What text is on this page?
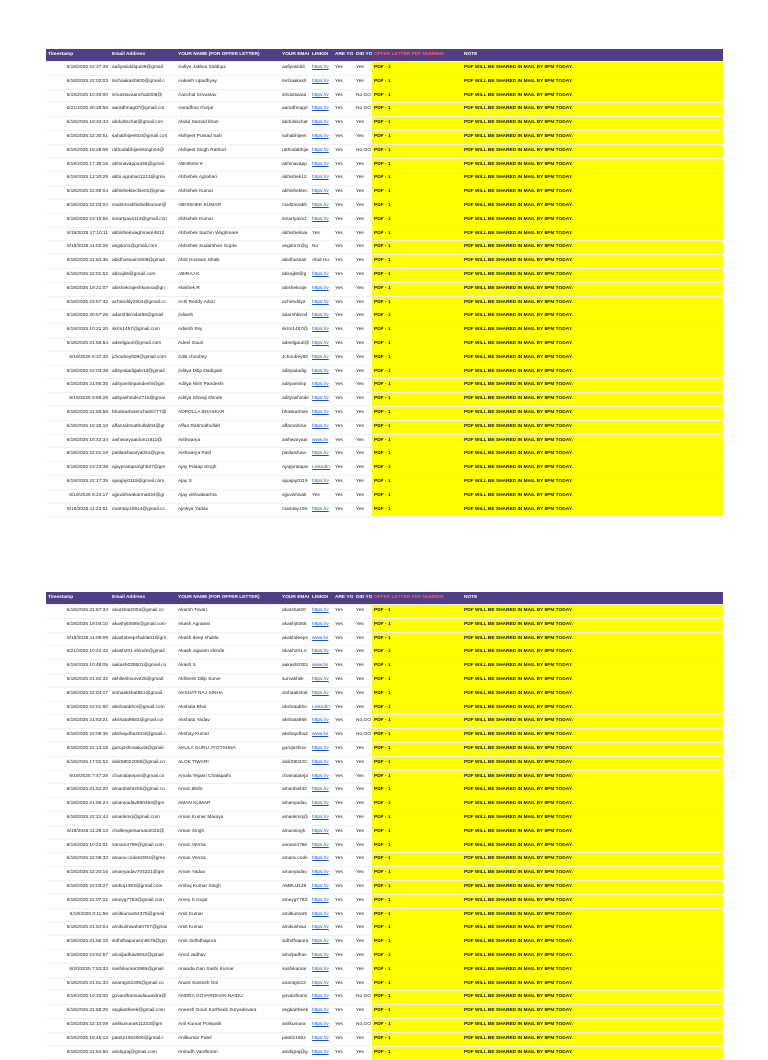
Timestamp	Email Address	YOUR NAME (FOR OFFER LETTER)	YOUR EMAI	LINKDI	ARE YO	DID YO	OFFER LETTER PDF NUMBER	NOTE
6/18/2025 22:27:49	aafiyasiddiqui39@gmail.	Aafiya Jabbar Siddiqui	aafiyasiddi	https://v	Yes	Yes	PDF - 1	PDF WILL BE SHARED IN MAIL BY 8PM TODAY.
6/18/2025 22:02:03	techaakash800@gmail.c	Aakash Upadhyay	techaakash	https://v	Yes	Yes	PDF - 1	PDF WILL BE SHARED IN MAIL BY 8PM TODAY.
6/19/2025 10:49:00	srivastavaancha2006@	Aanchal Srivastav	srivastavaa	https://v	Yes	No,GO	PDF - 1	PDF WILL BE SHARED IN MAIL BY 8PM TODAY.
6/21/2025 20:28:56	aaradhnag07@gmail.cor	Aaradhna Gurjar	aaradhnag0	https://v	Yes	No,GO	PDF - 1	PDF WILL BE SHARED IN MAIL BY 8PM TODAY.
6/18/2025 18:34:43	abdulsschat@gmail.con	Abdul Samad khan	abdulsschat	https://v	Yes	Yes	PDF - 1	PDF WILL BE SHARED IN MAIL BY 8PM TODAY.
6/18/2025 22:30:51	sahabhijeet02@gmail.con	Abhijeet Prasad Sah	sahabhijeet	https://v	Yes	Yes	PDF - 1	PDF WILL BE SHARED IN MAIL BY 8PM TODAY.
6/19/2025 19:28:08	rathodabhijeetsingh04@	Abhijeet Singh Rathod	rathodabhije	https://v	Yes	No,GO	PDF - 1	PDF WILL BE SHARED IN MAIL BY 8PM TODAY.
6/19/2025 17:39:16	abhinavappu345@gmail.	ABHINAV K	abhinavapp	https://v	Yes	Yes	PDF - 1	PDF WILL BE SHARED IN MAIL BY 8PM TODAY.
6/19/2025 12:20:29	abhi.agrahari1213@gma	Abhishek Agrahari	abhishek12	https://v	Yes	Yes	PDF - 1	PDF WILL BE SHARED IN MAIL BY 8PM TODAY.
6/18/2025 22:59:04	abhishektechie01@gmai	Abhishek Kumar	abhishektec	https://v	Yes	Yes	PDF - 1	PDF WILL BE SHARED IN MAIL BY 8PM TODAY.
6/18/2025 22:03:04	mail2mrabhishekkumar@	ABHISHEK KUMAR	mail2mrabh	https://v	Yes	Yes	PDF - 1	PDF WILL BE SHARED IN MAIL BY 8PM TODAY.
6/18/2025 23:16:56	smartyavs113@gmail.con	Abhishek Kumar	smartyavs1	https://v	Yes	Yes	PDF - 1	PDF WILL BE SHARED IN MAIL BY 8PM TODAY.
6/19/2025 17:10:11	abhishekwaghmare4812	Abhishek Sachin Waghmare	abhishekwa	Yes	Yes	Yes	PDF - 1	PDF WILL BE SHARED IN MAIL BY 8PM TODAY.
6/19/2025 11:02:26	asgdon1@gmail.com	Abhishek Sudarshan Gupta	asgdon1@g	No	Yes	Yes	PDF - 1	PDF WILL BE SHARED IN MAIL BY 8PM TODAY.
6/18/2025 21:54:36	abidhussain1609@gmail	Abid Hussain Shaik	abidhussair	Abid Hu	Yes	Yes	PDF - 1	PDF WILL BE SHARED IN MAIL BY 8PM TODAY.
6/18/2025 22:01:52	abirajk6@gmail.com	ABIRAJ K	abirajk6@g	https://v	Yes	Yes	PDF - 1	PDF WILL BE SHARED IN MAIL BY 8PM TODAY.
6/19/2025 19:21:07	abishekrajeshkanna@gn	Abishek R	abishekraje	https://v	Yes	Yes	PDF - 1	PDF WILL BE SHARED IN MAIL BY 8PM TODAY.
6/18/2025 23:57:42	achireddy2004@gmail.cc	Achi Reddy Aduri	achireddy2	https://v	Yes	Yes	PDF - 1	PDF WILL BE SHARED IN MAIL BY 8PM TODAY.
6/19/2025 20:57:25	adarshbirodar56@gmail	Adarsh	adarshbirod	https://v	Yes	Yes	PDF - 1	PDF WILL BE SHARED IN MAIL BY 8PM TODAY.
6/19/2025 10:21:20	skrm1457@gmail.com	Adarsh Raj	skrm1457@	https://v	Yes	Yes	PDF - 1	PDF WILL BE SHARED IN MAIL BY 8PM TODAY.
6/18/2025 21:56:54	adeelgauri@gmail.com	Adeel Gauri	adeelgauri@	https://v	Yes	Yes	PDF - 1	PDF WILL BE SHARED IN MAIL BY 8PM TODAY.
6/19/2025 6:37:33	jchoubey609@gmail.com	Aditi choubey	Jchoubey60	https://v	Yes	Yes	PDF - 1	PDF WILL BE SHARED IN MAIL BY 8PM TODAY.
6/18/2025 22:03:38	adityadadigale13@gmail	Aditya Dilip Dadigale	adityadadig	https://v	Yes	Yes	PDF - 1	PDF WILL BE SHARED IN MAIL BY 8PM TODAY.
6/18/2025 21:56:35	adityanitinpandeshi@gm	Aditya Nitin Pandeshi	adityanitinp	https://v	Yes	Yes	PDF - 1	PDF WILL BE SHARED IN MAIL BY 8PM TODAY.
6/19/2025 9:59:28	adityashinde2716@gmai	Aditya Shivaji shinde	adityashinde	https://v	Yes	Yes	PDF - 1	PDF WILL BE SHARED IN MAIL BY 8PM TODAY.
6/18/2025 21:58:58	bhaskarbolenchanti777@	ADROLLA BHASKAR	bhaskarbole	https://v	Yes	Yes	PDF - 1	PDF WILL BE SHARED IN MAIL BY 8PM TODAY.
6/19/2025 15:25:10	affanrahmathullah04@gr	Affan Rahmathullah	affanrahma	https://v	Yes	Yes	PDF - 1	PDF WILL BE SHARED IN MAIL BY 8PM TODAY.
6/19/2025 18:42:34	aishwaryaaiduru1911@	Aishwarya	aishwaryaai	www.lin	Yes	Yes	PDF - 1	PDF WILL BE SHARED IN MAIL BY 8PM TODAY.
6/18/2025 22:01:19	patilaishwarya051@gma	Aishwarya Patil	patilaishwa	https://v	Yes	Yes	PDF - 1	PDF WILL BE SHARED IN MAIL BY 8PM TODAY.
6/19/2025 23:23:38	ajaypratapsingh537@gm	Ajay Pratap Singh	Ajaypratapis	Linkedin	Yes	Yes	PDF - 1	PDF WILL BE SHARED IN MAIL BY 8PM TODAY.
6/19/2025 22:17:35	ajuajay0119@gmail.com	Ajay S	ajuajay0119	https://v	Yes	Yes	PDF - 1	PDF WILL BE SHARED IN MAIL BY 8PM TODAY.
6/19/2025 6:24:17	ajjuvishwakarma534@gr	Ajay vishwakarma	ajjuvishwak	Yes	Yes	Yes	PDF - 1	PDF WILL BE SHARED IN MAIL BY 8PM TODAY.
6/19/2025 11:23:51	mamtay10914@gmail.cc	Ajinkya Yadav	mamtay109	https://v	Yes	Yes	PDF - 1	PDF WILL BE SHARED IN MAIL BY 8PM TODAY.
Timestamp	Email Address	YOUR NAME (FOR OFFER LETTER)	YOUR EMAI	LINKDI	ARE YO	DID YO	OFFER LETTER PDF NUMBER	NOTE
6/18/2025 21:57:34	akarshat2004@gmail.co	Akarsh Tiwari	akarshat20	https://v	Yes	Yes	PDF - 1	PDF WILL BE SHARED IN MAIL BY 8PM TODAY.
6/19/2025 19:04:10	akashj93685@gmail.com	Akash Agrawal	akashj9368	https://v	Yes	Yes	PDF - 1	PDF WILL BE SHARED IN MAIL BY 8PM TODAY.
6/19/2025 11:09:09	akashdeepshukla01@gm	Akash deep shukla	akashdeeps	www.lin	Yes	Yes	PDF - 1	PDF WILL BE SHARED IN MAIL BY 8PM TODAY.
6/21/2025 10:22:42	akash201.shinde@gmail	Akash rajaram shinde	akash201.s	https://v	Yes	Yes	PDF - 1	PDF WILL BE SHARED IN MAIL BY 8PM TODAY.
6/19/2025 10:48:05	aakash030601@gmail.co	Akash S	aakash0301	www.lin	Yes	Yes	PDF - 1	PDF WILL BE SHARED IN MAIL BY 8PM TODAY.
6/18/2025 21:52:32	akhileshsurve28@gmail.	Akhilesh Dilip Surve	survakhile	https://v	Yes	Yes	PDF - 1	PDF WILL BE SHARED IN MAIL BY 8PM TODAY.
6/18/2025 22:04:17	sinhaakshat551@gmail.	AKSHAT RAJ SINHA	sinhaakshat	https://v	Yes	Yes	PDF - 1	PDF WILL BE SHARED IN MAIL BY 8PM TODAY.
6/18/2025 22:01:50	akshatabhoi@gmail.com	Akshata Bhoi	akshatabho	Linkedin	Yes	Yes	PDF - 1	PDF WILL BE SHARED IN MAIL BY 8PM TODAY.
6/18/2025 21:53:21	akshata9683@gmail.cor	Akshata Yadav	akshata968	https://v	Yes	No,GO	PDF - 1	PDF WILL BE SHARED IN MAIL BY 8PM TODAY.
6/18/2025 22:09:36	akshaydha2018@gmail.c	Akshay Kumar	akshaydha2	www.lin	Yes	No,GO	PDF - 1	PDF WILL BE SHARED IN MAIL BY 8PM TODAY.
6/18/2025 22:13:18	gurujoshnaakula@gmail.	AKULA GURU JYOTSHNA	gurujoshna	https://v	Yes	Yes	PDF - 1	PDF WILL BE SHARED IN MAIL BY 8PM TODAY.
6/18/2025 17:02:52	alok08022006@gmail.co	ALOK TIWARI	alok08022C	https://v	Yes	Yes	PDF - 1	PDF WILL BE SHARED IN MAIL BY 8PM TODAY.
6/19/2025 7:47:29	chamalatejani@gmail.co	Amala Tejasri Chalapathi	chamalateja	https://v	Yes	Yes	PDF - 1	PDF WILL BE SHARED IN MAIL BY 8PM TODAY.
6/18/2025 21:54:20	amanbisht205@gmail.co	Aman Bisht	amanbisht2	https://v	Yes	Yes	PDF - 1	PDF WILL BE SHARED IN MAIL BY 8PM TODAY.
6/18/2025 21:58:24	amanyadav880493@gm	AMAN KUMAR	amanyadav	https://v	Yes	Yes	PDF - 1	PDF WILL BE SHARED IN MAIL BY 8PM TODAY.
6/18/2025 22:21:44	amankmrj@gmail.com	Aman Kumar Maurya	amankmrj@	https://v	Yes	Yes	PDF - 1	PDF WILL BE SHARED IN MAIL BY 8PM TODAY.
6/19/2025 11:26:13	challengersaman2022@	Aman Singh	amansingh	https://v	Yes	Yes	PDF - 1	PDF WILL BE SHARED IN MAIL BY 8PM TODAY.
6/19/2025 10:22:01	vaman4766@gmail.com	Aman Verma	vaman4766	https://v	Yes	Yes	PDF - 1	PDF WILL BE SHARED IN MAIL BY 8PM TODAY.
6/18/2025 22:08:33	amanv.codes2004@gma	Aman Verma	amanv.code	https://v	Yes	Yes	PDF - 1	PDF WILL BE SHARED IN MAIL BY 8PM TODAY.
6/18/2025 22:20:16	amanyadav704321@gm	Aman Yadav	amanyadav	https://v	Yes	Yes	PDF - 1	PDF WILL BE SHARED IN MAIL BY 8PM TODAY.
6/18/2025 22:03:27	ambuj1393@gmail.com	Ambuj Kumar Singh	AMBUJ139	https://v	Yes	Yes	PDF - 1	PDF WILL BE SHARED IN MAIL BY 8PM TODAY.
6/18/2025 22:07:22	ameyg7763@gmail.com	Amey S Gujar	ameyg7763	https://v	Yes	Yes	PDF - 1	PDF WILL BE SHARED IN MAIL BY 8PM TODAY.
6/19/2025 0:11:56	amitkumar54375@gmail	Amit Kumar	amitkumar5	https://v	Yes	Yes	PDF - 1	PDF WILL BE SHARED IN MAIL BY 8PM TODAY.
6/18/2025 21:54:04	amikushwaha0707@gmai	Amit Kumar	amikushwa	https://v	Yes	Yes	PDF - 1	PDF WILL BE SHARED IN MAIL BY 8PM TODAY.
6/18/2025 21:56:18	sidhdhapurasmit675@gm	Amit Sidhdhapura	sidhdhapura	https://v	Yes	Yes	PDF - 1	PDF WILL BE SHARED IN MAIL BY 8PM TODAY.
6/18/2025 23:52:57	amoljadhav8832@gmail	Amol Jadhav	amoljadhav	https://v	Yes	Yes	PDF - 1	PDF WILL BE SHARED IN MAIL BY 8PM TODAY.
6/20/2025 7:53:33	sashikumar2986@gmail.	Ananda Gari Sashi Kumar	sashikumar	https://v	Yes	Yes	PDF - 1	PDF WILL BE SHARED IN MAIL BY 8PM TODAY.
6/18/2025 21:51:33	anantgiri2305@gmail.co	Anant Santosh Giri	anantgiri23	https://v	Yes	Yes	PDF - 1	PDF WILL BE SHARED IN MAIL BY 8PM TODAY.
6/19/2025 10:33:00	govardhannaidauandra@	ANDRA GOVARDHAN NAIDU	govardhann	https://v	Yes	No,GO	PDF - 1	PDF WILL BE SHARED IN MAIL BY 8PM TODAY.
6/18/2025 21:58:25	asgkartheek@gmail.com	Aneesh Gouri Kartheek Suryadevara	asgkartheek	https://v	Yes	Yes	PDF - 1	PDF WILL BE SHARED IN MAIL BY 8PM TODAY.
6/18/2025 22:10:09	anilkumarak11223@gm	Anil Kumar Polepalli	anilkumara	https://v	Yes	No,GO	PDF - 1	PDF WILL BE SHARED IN MAIL BY 8PM TODAY.
6/19/2025 18:45:13	patel21062006@gmail.c	Anilkumar Patel	patel21062	https://v	Yes	Yes	PDF - 1	PDF WILL BE SHARED IN MAIL BY 8PM TODAY.
6/18/2025 21:54:50	anidigraj@gmail.com	Anirudh Vardhman	anidigraj@g	https://v	Yes	Yes	PDF - 1	PDF WILL BE SHARED IN MAIL BY 8PM TODAY.
